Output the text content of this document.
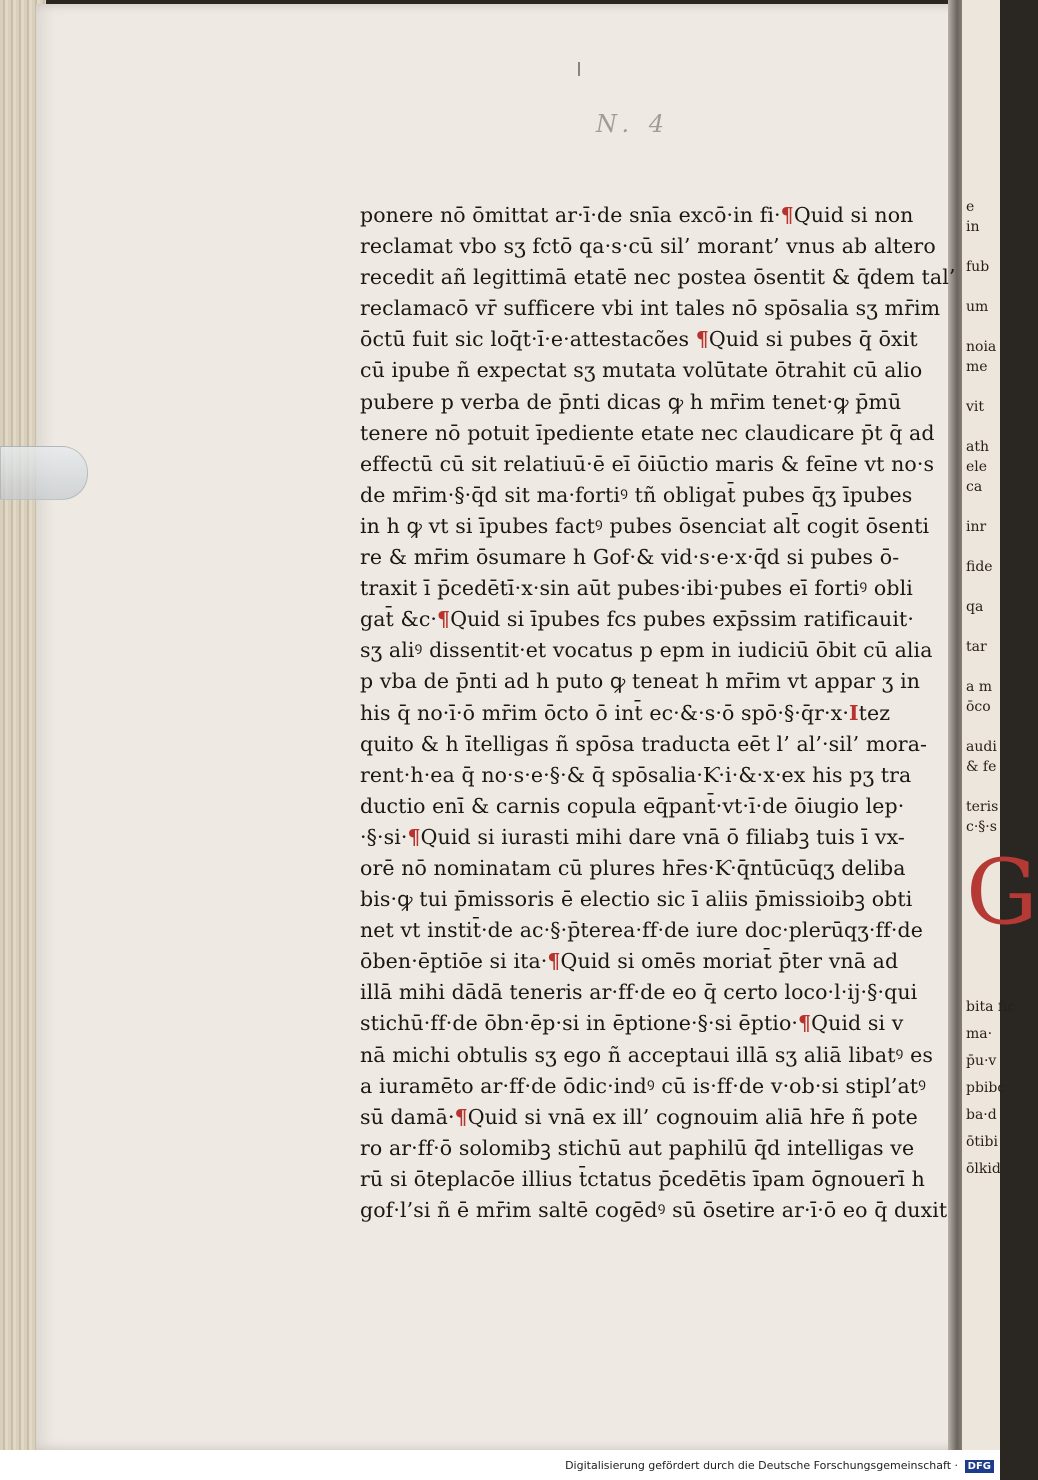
e
in
fub
um
noia
me
vit
ath
ele
ca
inr
fide
qa
tar
a m
ōco
audi
& fe
teris
c·§·s
bita fic
ma·
p̄u·v
pbibc
ba·d
ōtibi
ōlkid
G
N. 4
ponere nō ōmittat ar·ī·de snīa excō·in fi·¶Quid si non
reclamat vbo sʒ fctō qa·s·cū sil’ morant’ vnus ab altero
recedit añ legittimā etatē nec postea ōsentit & q̄dem tal’
reclamacō vr̄ sufficere vbi int tales nō spōsalia sʒ mr̄im
ōctū fuit sic loq̄t·ī·e·attestacões ¶Quid si pubes q̄ ōxit
cū ipube ñ expectat sʒ mutata volūtate ōtrahit cū alio
pubere p verba de p̄nti dicas ꝙ h mr̄im tenet·ꝙ p̄mū
tenere nō potuit īpediente etate nec claudicare p̄t q̄ ad
effectū cū sit relatiuū·ē eī ōiūctio maris & feīne vt no·s
de mr̄im·§·q̄d sit ma·fortiꝰ tñ obligat̄ pubes q̄ʒ īpubes
in h ꝙ vt si īpubes factꝰ pubes ōsenciat alt̄ cogit ōsenti
re & mr̄im ōsumare h Gof·& vid·s·e·x·q̄d si pubes ō-
traxit ī p̄cedētī·x·sin aūt pubes·ibi·pubes eī fortiꝰ obli
gat̄ &c·¶Quid si īpubes fcs pubes exp̄ssim ratificauit·
sʒ aliꝰ dissentit·et vocatus p epm in iudiciū ōbit cū alia
p vba de p̄nti ad h puto ꝙ teneat h mr̄im vt appar ʒ in
his q̄ no·ī·ō mr̄im ōcto ō int̄ ec·&·s·ō spō·§·q̄r·x·Itez
quito & h ītelligas ñ spōsa traducta eēt l’ al’·sil’ mora-
rent·h·ea q̄ no·s·e·§·& q̄ spōsalia·Ƙ·i·&·x·ex his pʒ tra
ductio enī & carnis copula eq̄pant̄·vt·ī·de ōiugio lep·
·§·si·¶Quid si iurasti mihi dare vnā ō filiabꝫ tuis ī vx-
orē nō nominatam cū plures hr̄es·Ƙ·q̄ntūcūqʒ deliba
bis·ꝙ tui p̄missoris ē electio sic ī aliis p̄missioibꝫ obti
net vt instit̄·de ac·§·p̄terea·ff·de iure doc·plerūqʒ·ff·de
ōben·ēptiōe si ita·¶Quid si omēs moriat̄ p̄ter vnā ad
illā mihi dādā teneris ar·ff·de eo q̄ certo loco·l·ij·§·qui
stichū·ff·de ōbn·ēp·si in ēptione·§·si ēptio·¶Quid si v
nā michi obtulis sʒ ego ñ acceptaui illā sʒ aliā libatꝰ es
a iuramēto ar·ff·de ōdic·indꝰ cū is·ff·de v·ob·si stipl’atꝰ
sū damā·¶Quid si vnā ex ill’ cognouim aliā hr̄e ñ pote
ro ar·ff·ō solomibꝫ stichū aut paphilū q̄d intelligas ve
rū si ōteplacōe illius t̄ctatus p̄cedētis īpam ōgnouerī h
gof·l’si ñ ē mr̄im saltē cogēdꝰ sū ōsetire ar·ī·ō eo q̄ duxit
Digitalisierung gefördert durch die Deutsche Forschungsgemeinschaft · DFG
